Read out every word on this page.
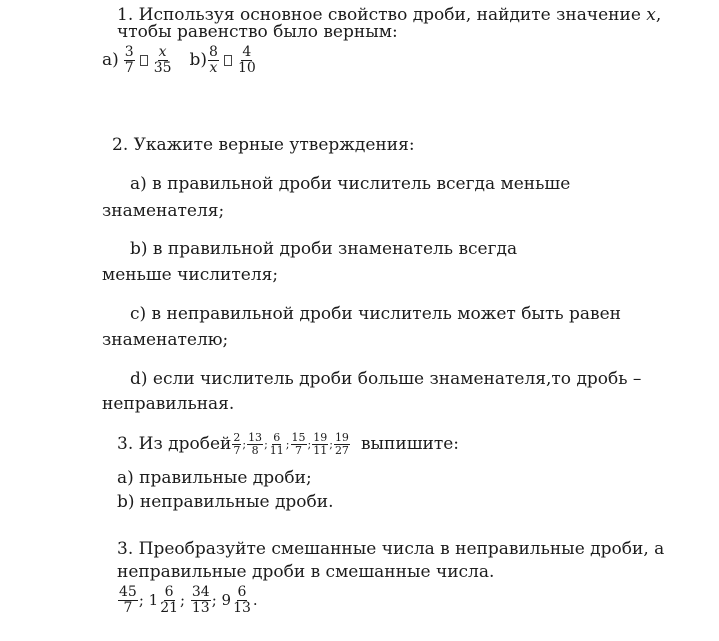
1. Используя основное свойство дроби, найдите значение x,
чтобы равенство было верным:
$a) \frac{3}{7} \frac{x}{35} b) \frac{8}{x} \frac{4}{10}$
2. Укажите верные утверждения:
a) в правильной дроби числитель всегда меньше
знаменателя;
b) в правильной дроби знаменатель всегда
меньше числителя;
c) в неправильной дроби числитель может быть равен
знаменателю;
d) если числитель дроби больше знаменателя,то дробь –
неправильная.
3. Из дробей $\frac{2}{7}$ ; $\frac{13}{8}$ ; $\frac{6}{11}$ ; $\frac{15}{7}$ ; $\frac{19}{11}$ ; $\frac{19}{27}$ выпишите:
a) правильные дроби;
b) неправильные дроби.
3. Преобразуйте смешанные числа в неправильные дроби, а
неправильные дроби в смешанные числа.
$\frac{45}{7}$ ; $1 \frac{6}{21}$ ; $\frac{34}{13}$ ; $9 \frac{6}{13}$ .
